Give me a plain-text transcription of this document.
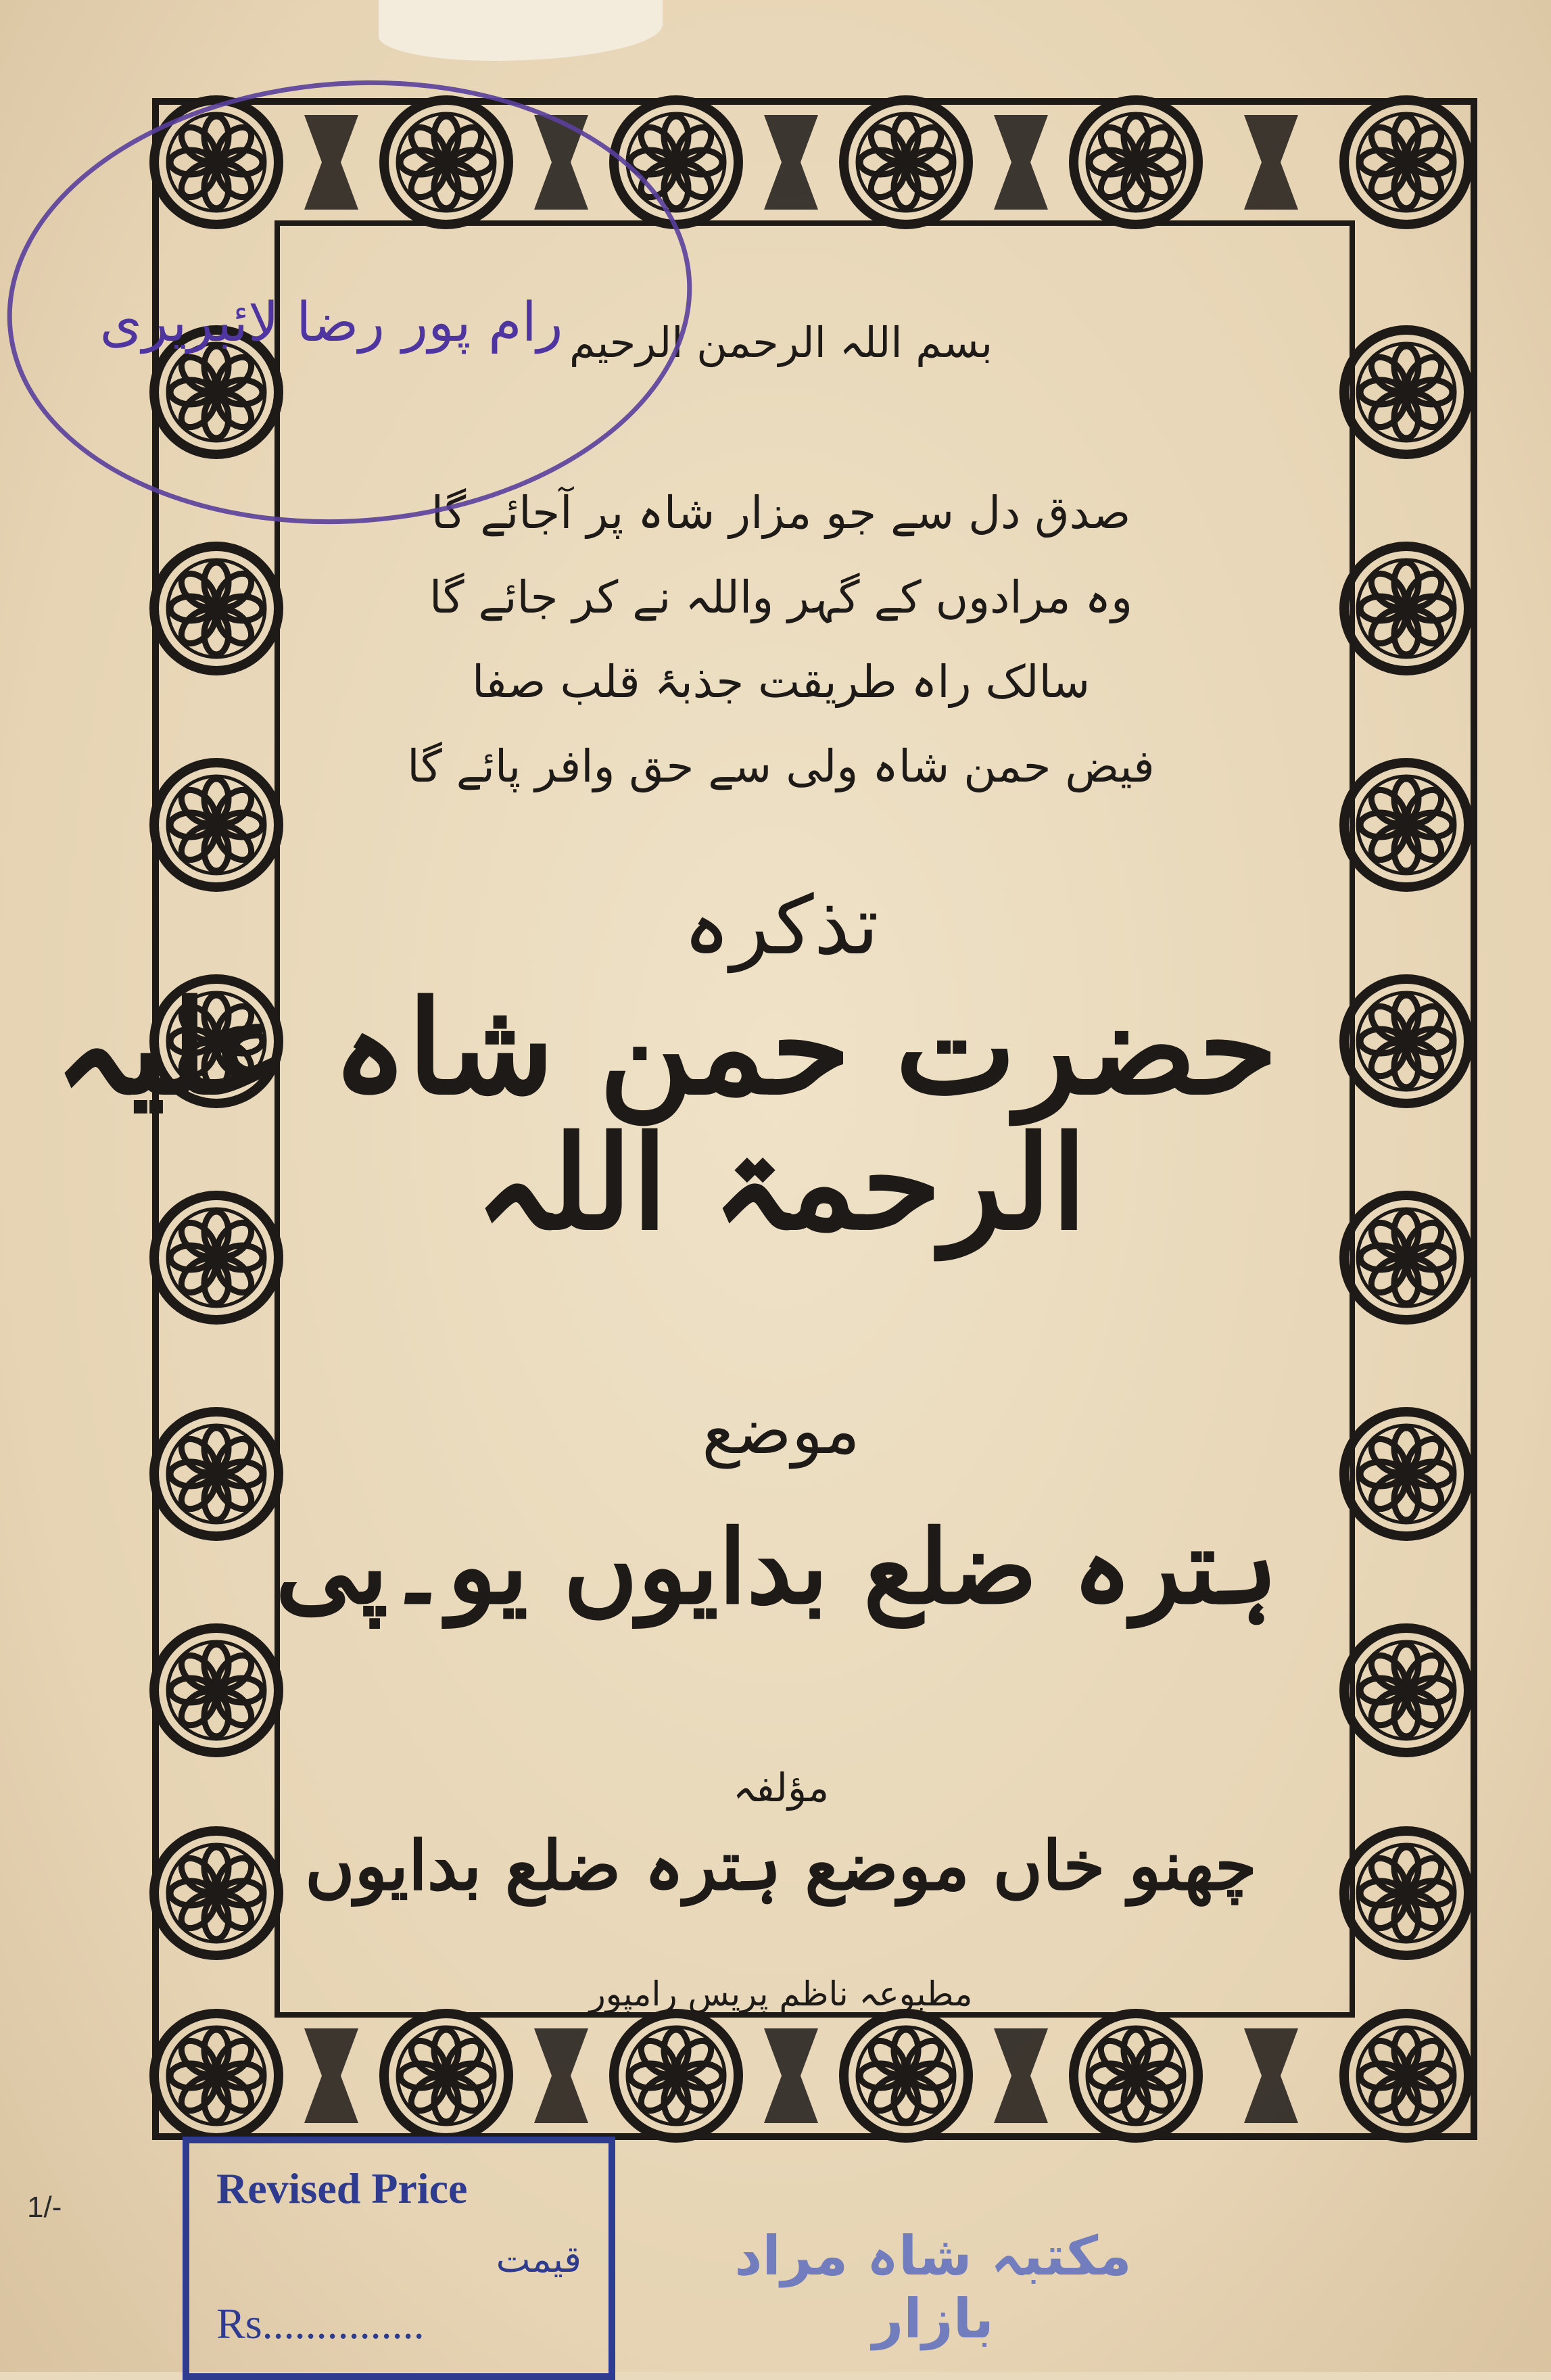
بسم اللہ الرحمن الرحیم
صدق دل سے جو مزار شاہ پر آجائے گا
وہ مرادوں کے گہر واللہ نے کر جائے گا
سالک راہ طریقت جذبۂ قلب صفا
فیض حمن شاہ ولی سے حق وافر پائے گا
تذکرہ
حضرت حمن شاہ علیہ
الرحمۃ اللہ
موضع
ہترہ ضلع بدایوں یو۔پی
مؤلفہ
چھنو خاں موضع ہترہ ضلع بدایوں
مطبوعہ ناظم پریس رامپور
رام پور رضا لائبریری
Revised Price
قیمت
Rs...............
1/-
مکتبہ شاہ مراد بازار
